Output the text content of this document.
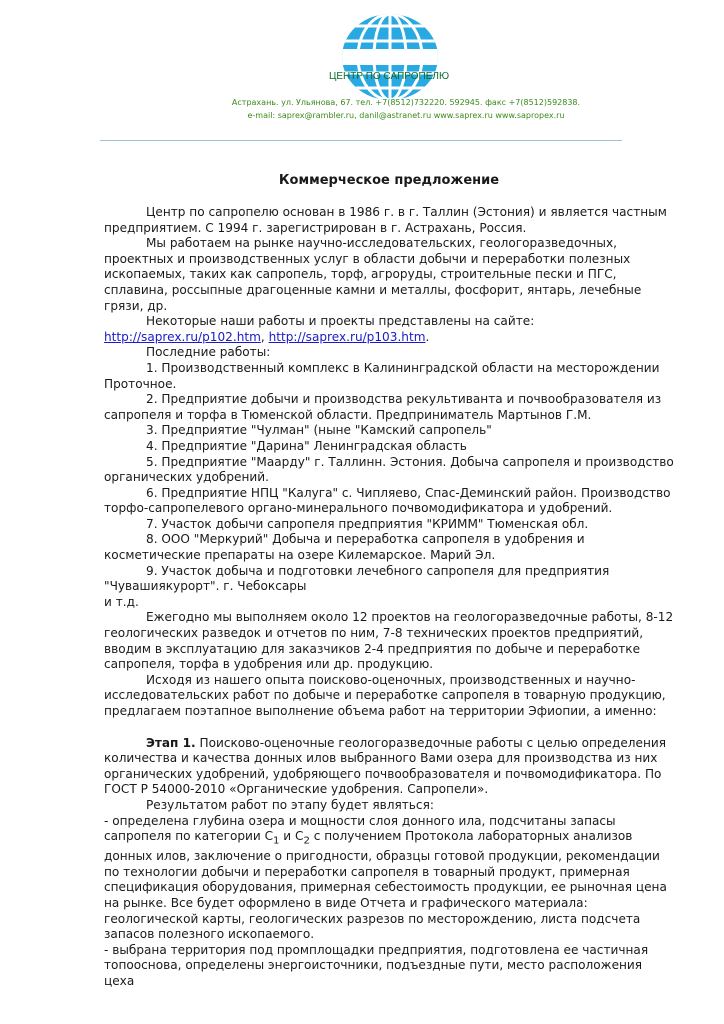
ЦЕНТР ПО САПРОПЕЛЮ
Астрахань. ул. Ульянова, 67. тел. +7(8512)732220. 592945. факс +7(8512)592838.
e-mail: saprex@rambler.ru, danil@astranet.ru www.saprex.ru www.sapropex.ru
Коммерческое предложение

Центр по сапропелю основан в 1986 г. в г. Таллин (Эстония) и является частным предприятием. С 1994 г. зарегистрирован в г. Астрахань, Россия.

Мы работаем на рынке научно-исследовательских, геологоразведочных, проектных и производственных услуг в области добычи и переработки полезных ископаемых, таких как сапропель, торф, агроруды, строительные пески и ПГС, сплавина, россыпные драгоценные камни и металлы, фосфорит, янтарь, лечебные грязи, др.

Некоторые наши работы и проекты представлены на сайте:

http://saprex.ru/p102.htm, http://saprex.ru/p103.htm.

Последние работы:

1. Производственный комплекс в Калининградской области на месторождении Проточное.

2. Предприятие добычи и производства рекультиванта и почвообразователя из сапропеля и торфа в Тюменской области. Предприниматель Мартынов Г.М.

3. Предприятие "Чулман" (ныне "Камский сапропель"

4. Предприятие "Дарина" Ленинградская область

5. Предприятие "Маарду" г. Таллинн. Эстония. Добыча сапропеля и производство органических удобрений.

6. Предприятие НПЦ "Калуга" с. Чипляево, Спас-Деминский район. Производство торфо-сапропелевого органо-минерального почвомодификатора и удобрений.

7. Участок добычи сапропеля предприятия "КРИММ" Тюменская обл.

8. ООО "Меркурий" Добыча и переработка сапропеля в удобрения и косметические препараты на озере Килемарское. Марий Эл.

9. Участок добыча и подготовки лечебного сапропеля для предприятия "Чувашиякурорт". г. Чебоксары

и т.д.

Ежегодно мы выполняем около 12 проектов на геологоразведочные работы, 8-12 геологических разведок и отчетов по ним, 7-8 технических проектов предприятий, вводим в эксплуатацию для заказчиков 2-4 предприятия по добыче и переработке сапропеля, торфа в удобрения или др. продукцию.

Исходя из нашего опыта поисково-оценочных, производственных и научно-исследовательских работ по добыче и переработке сапропеля в товарную продукцию, предлагаем поэтапное выполнение объема работ на территории Эфиопии, а именно:

Этап 1. Поисково-оценочные геологоразведочные работы с целью определения количества и качества донных илов выбранного Вами озера для производства из них органических удобрений, удобряющего почвообразователя и почвомодификатора. По ГОСТ Р 54000-2010 «Органические удобрения. Сапропели».

Результатом работ по этапу будет являться:

- определена глубина озера и мощности слоя донного ила, подсчитаны запасы сапропеля по категории $С_1$ и $С_2$ с получением Протокола лабораторных анализов донных илов, заключение о пригодности, образцы готовой продукции, рекомендации по технологии добычи и переработки сапропеля в товарный продукт, примерная спецификация оборудования, примерная себестоимость продукции, ее рыночная цена на рынке. Все будет оформлено в виде Отчета и графического материала: геологической карты, геологических разрезов по месторождению, листа подсчета запасов полезного ископаемого.

- выбрана территория под промплощадки предприятия, подготовлена ее частичная топооснова, определены энергоисточники, подъездные пути, место расположения цеха
